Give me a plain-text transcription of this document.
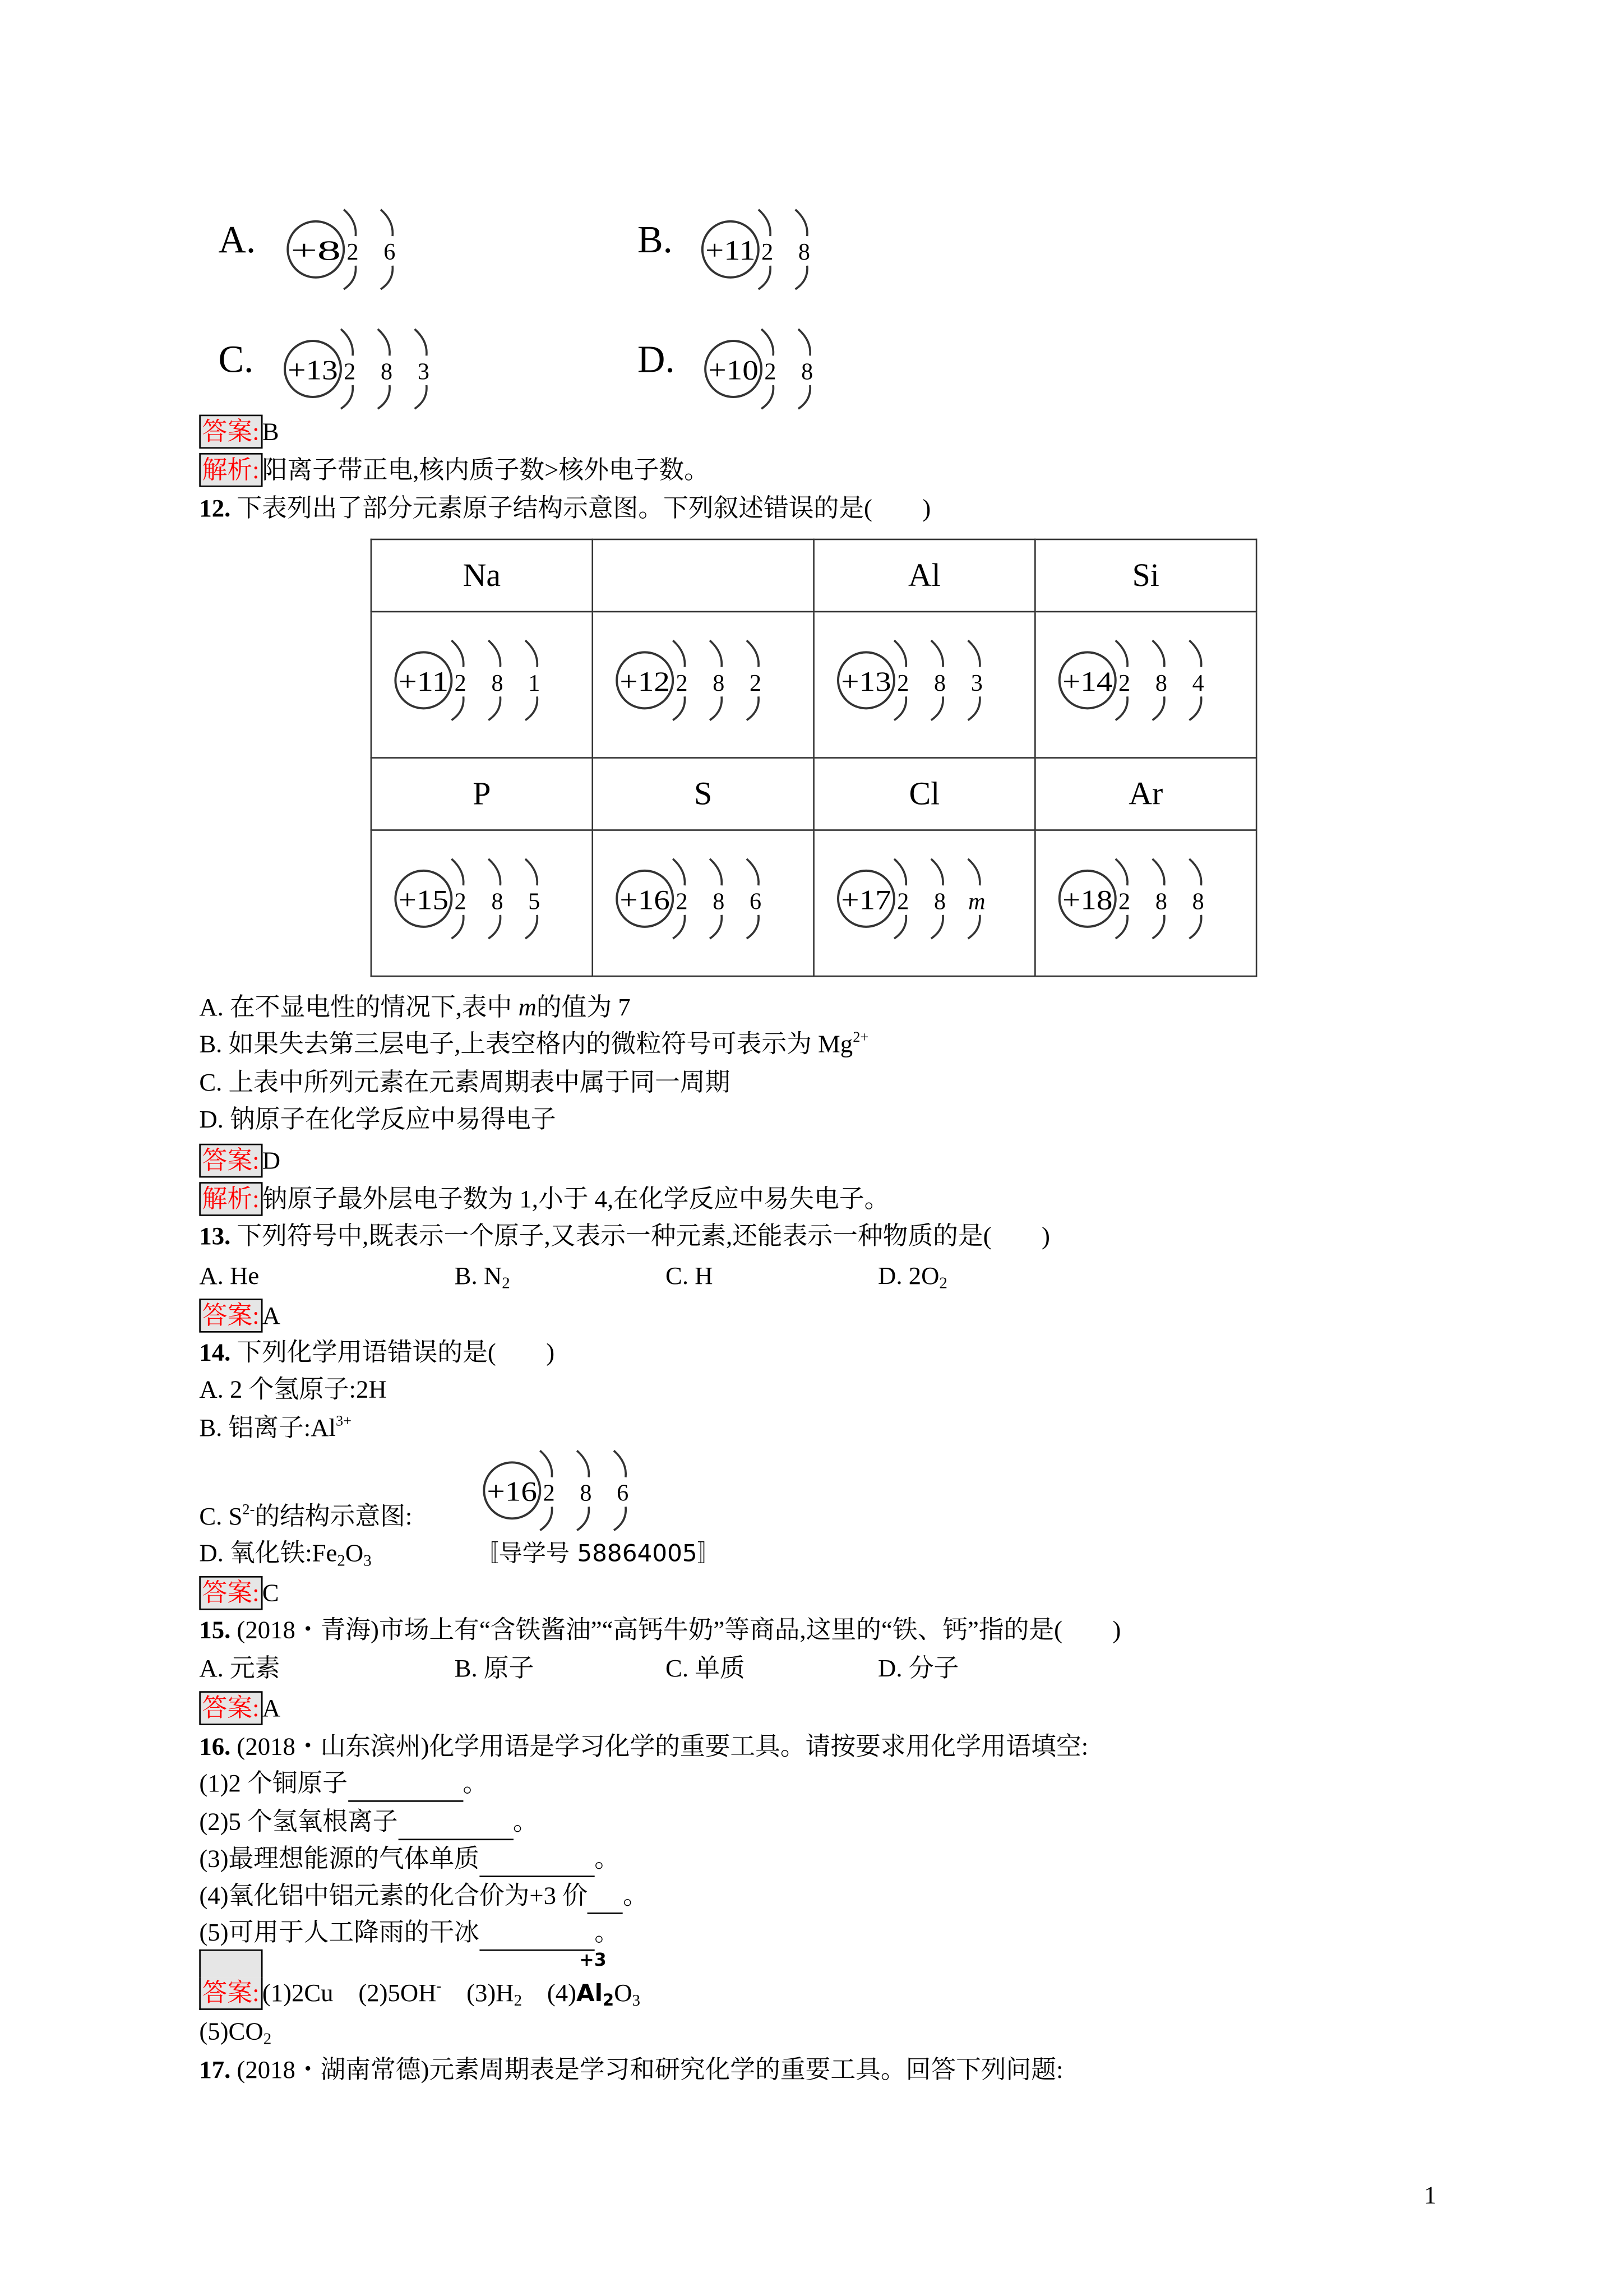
A.	+8 2	6	B.	+11 2	8
C.	+13 2	8	3	D.	+10 2	8
答案: B
解析: 阳离子带正电,核内质子数>核外电子数。
12. 下表列出了部分元素原子结构示意图。下列叙述错误的是(　　)
Na		Al	Si

+11 2 8 1	+12 2 8 2	+13 2 8 3	+14 2 8 4

P	S	Cl	Ar

+15 2 8 5	+16 2 8 6	+17 2 8 m	+18 2 8 8
A. 在不显电性的情况下,表中 m的值为 7
B. 如果失去第三层电子,上表空格内的微粒符号可表示为 $Mg^{2+}$
C. 上表中所列元素在元素周期表中属于同一周期
D. 钠原子在化学反应中易得电子
答案: D
解析: 钠原子最外层电子数为 1,小于 4,在化学反应中易失电子。
13. 下列符号中,既表示一个原子,又表示一种元素,还能表示一种物质的是(　　)
A. He	B. $N_2$	C. H	D. $2O_2$
答案: A
14. 下列化学用语错误的是(　　)
A. 2 个氢原子:2H
B. 铝离子$:Al^{3+}$
C. $S^{2-}$的结构示意图:
+16 2	8	6
D. 氧化铁$:Fe_2O_3$	〚导学号 58864005〛
答案: C
15. (2018・青海)市场上有“含铁酱油”“高钙牛奶”等商品,这里的“铁、钙”指的是(　　)
A. 元素	B. 原子	C. 单质	D. 分子
答案: A
16. (2018・山东滨州)化学用语是学习化学的重要工具。请按要求用化学用语填空:
(1)2 个铜原子	。
(2)5 个氢氧根离子	。
(3)最理想能源的气体单质	。
(4)氧化铝中铝元素的化合价为+3 价	。
(5)可用于人工降雨的干冰	。
答案: (1)2Cu 	(2)5OH- 	$(3)H_2$ 	(4)
+3
$Al_2O_3$
$(5)CO_2$
17. (2018・湖南常德)元素周期表是学习和研究化学的重要工具。回答下列问题:
1
